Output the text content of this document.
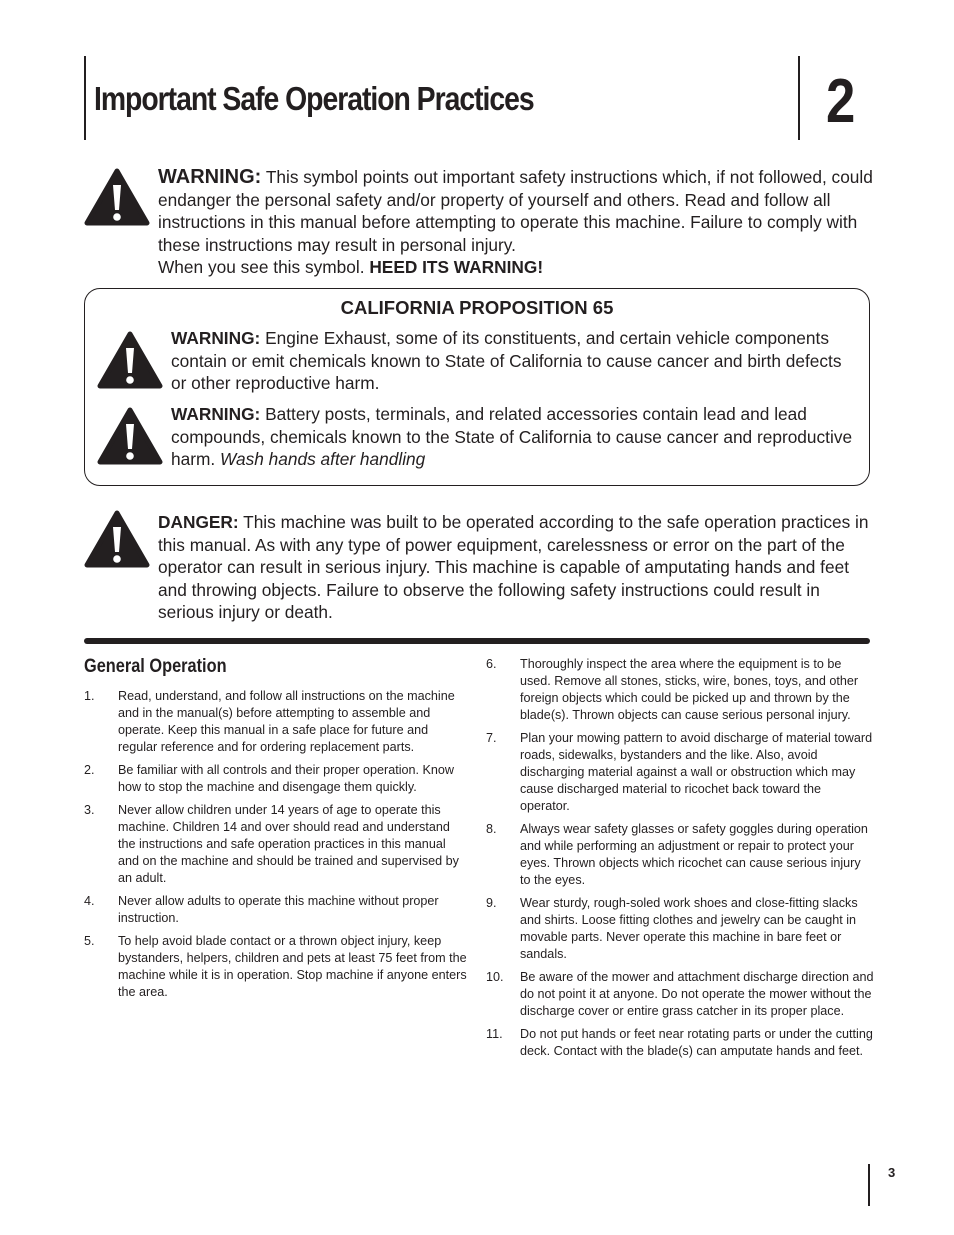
Important Safe Operation Practices	2
WARNING: This symbol points out important safety instructions which, if not followed, could endanger the personal safety and/or property of yourself and others. Read and follow all instructions in this manual before attempting to operate this machine. Failure to comply with these instructions may result in personal injury.
When you see this symbol. HEED ITS WARNING!
CALIFORNIA PROPOSITION 65
WARNING: Engine Exhaust, some of its constituents, and certain vehicle components contain or emit chemicals known to State of California to cause cancer and birth defects or other reproductive harm.
WARNING: Battery posts, terminals, and related accessories contain lead and lead compounds, chemicals known to the State of California to cause cancer and reproductive harm. Wash hands after handling
DANGER: This machine was built to be operated according to the safe operation practices in this manual. As with any type of power equipment, carelessness or error on the part of the operator can result in serious injury. This machine is capable of amputating hands and feet and throwing objects. Failure to observe the following safety instructions could result in serious injury or death.
General Operation
1. Read, understand, and follow all instructions on the machine and in the manual(s) before attempting to assemble and operate. Keep this manual in a safe place for future and regular reference and for ordering replacement parts.
2. Be familiar with all controls and their proper operation. Know how to stop the machine and disengage them quickly.
3. Never allow children under 14 years of age to operate this machine. Children 14 and over should read and understand the instructions and safe operation practices in this manual and on the machine and should be trained and supervised by an adult.
4. Never allow adults to operate this machine without proper instruction.
5. To help avoid blade contact or a thrown object injury, keep bystanders, helpers, children and pets at least 75 feet from the machine while it is in operation. Stop machine if anyone enters the area.
6. Thoroughly inspect the area where the equipment is to be used. Remove all stones, sticks, wire, bones, toys, and other foreign objects which could be picked up and thrown by the blade(s). Thrown objects can cause serious personal injury.
7. Plan your mowing pattern to avoid discharge of material toward roads, sidewalks, bystanders and the like. Also, avoid discharging material against a wall or obstruction which may cause discharged material to ricochet back toward the operator.
8. Always wear safety glasses or safety goggles during operation and while performing an adjustment or repair to protect your eyes. Thrown objects which ricochet can cause serious injury to the eyes.
9. Wear sturdy, rough-soled work shoes and close-fitting slacks and shirts. Loose fitting clothes and jewelry can be caught in movable parts. Never operate this machine in bare feet or sandals.
10. Be aware of the mower and attachment discharge direction and do not point it at anyone. Do not operate the mower without the discharge cover or entire grass catcher in its proper place.
11. Do not put hands or feet near rotating parts or under the cutting deck. Contact with the blade(s) can amputate hands and feet.
3
